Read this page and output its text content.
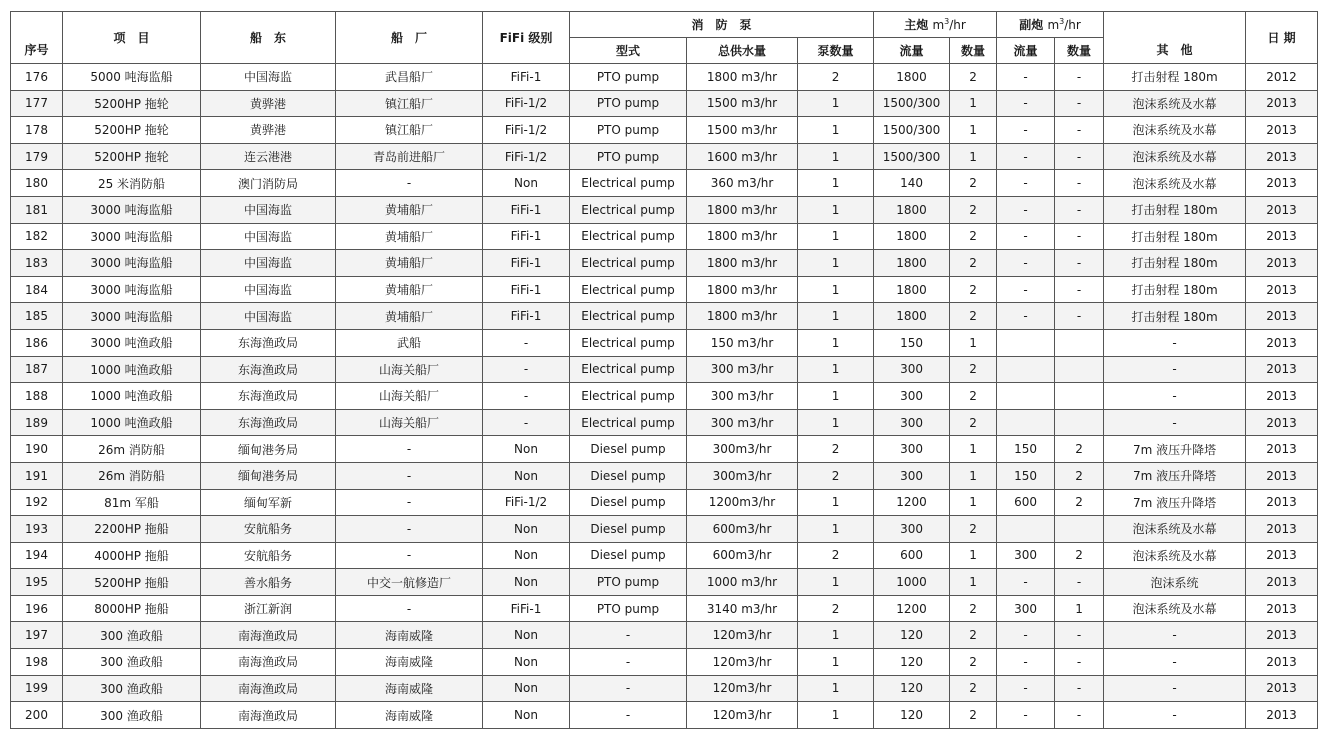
序号	项　目	船　东	船　厂	FiFi 级别	消　防　泵			主炮 $m^3/hr$		副炮 $m^3/hr$		其　他	日 期
					型式	总供水量	泵数量	流量	数量	流量	数量		
176	5000 吨海监船	中国海监	武昌船厂	FiFi-1	PTO pump	1800 m3/hr	2	1800	2	-	-	打击射程 180m	2012
177	5200HP 拖轮	黄骅港	镇江船厂	FiFi-1/2	PTO pump	1500 m3/hr	1	1500/300	1	-	-	泡沫系统及水幕	2013
178	5200HP 拖轮	黄骅港	镇江船厂	FiFi-1/2	PTO pump	1500 m3/hr	1	1500/300	1	-	-	泡沫系统及水幕	2013
179	5200HP 拖轮	连云港港	青岛前进船厂	FiFi-1/2	PTO pump	1600 m3/hr	1	1500/300	1	-	-	泡沫系统及水幕	2013
180	25 米消防船	澳门消防局	-	Non	Electrical pump	360 m3/hr	1	140	2	-	-	泡沫系统及水幕	2013
181	3000 吨海监船	中国海监	黄埔船厂	FiFi-1	Electrical pump	1800 m3/hr	1	1800	2	-	-	打击射程 180m	2013
182	3000 吨海监船	中国海监	黄埔船厂	FiFi-1	Electrical pump	1800 m3/hr	1	1800	2	-	-	打击射程 180m	2013
183	3000 吨海监船	中国海监	黄埔船厂	FiFi-1	Electrical pump	1800 m3/hr	1	1800	2	-	-	打击射程 180m	2013
184	3000 吨海监船	中国海监	黄埔船厂	FiFi-1	Electrical pump	1800 m3/hr	1	1800	2	-	-	打击射程 180m	2013
185	3000 吨海监船	中国海监	黄埔船厂	FiFi-1	Electrical pump	1800 m3/hr	1	1800	2	-	-	打击射程 180m	2013
186	3000 吨渔政船	东海渔政局	武船	-	Electrical pump	150 m3/hr	1	150	1			-	2013
187	1000 吨渔政船	东海渔政局	山海关船厂	-	Electrical pump	300 m3/hr	1	300	2			-	2013
188	1000 吨渔政船	东海渔政局	山海关船厂	-	Electrical pump	300 m3/hr	1	300	2			-	2013
189	1000 吨渔政船	东海渔政局	山海关船厂	-	Electrical pump	300 m3/hr	1	300	2			-	2013
190	26m 消防船	缅甸港务局	-	Non	Diesel pump	300m3/hr	2	300	1	150	2	7m 液压升降塔	2013
191	26m 消防船	缅甸港务局	-	Non	Diesel pump	300m3/hr	2	300	1	150	2	7m 液压升降塔	2013
192	81m 军船	缅甸军新	-	FiFi-1/2	Diesel pump	1200m3/hr	1	1200	1	600	2	7m 液压升降塔	2013
193	2200HP 拖船	安航船务	-	Non	Diesel pump	600m3/hr	1	300	2			泡沫系统及水幕	2013
194	4000HP 拖船	安航船务	-	Non	Diesel pump	600m3/hr	2	600	1	300	2	泡沫系统及水幕	2013
195	5200HP 拖船	善水船务	中交一航修造厂	Non	PTO pump	1000 m3/hr	1	1000	1	-	-	泡沫系统	2013
196	8000HP 拖船	浙江新润	-	FiFi-1	PTO pump	3140 m3/hr	2	1200	2	300	1	泡沫系统及水幕	2013
197	300 渔政船	南海渔政局	海南威隆	Non	-	120m3/hr	1	120	2	-	-	-	2013
198	300 渔政船	南海渔政局	海南威隆	Non	-	120m3/hr	1	120	2	-	-	-	2013
199	300 渔政船	南海渔政局	海南威隆	Non	-	120m3/hr	1	120	2	-	-	-	2013
200	300 渔政船	南海渔政局	海南威隆	Non	-	120m3/hr	1	120	2	-	-	-	2013
